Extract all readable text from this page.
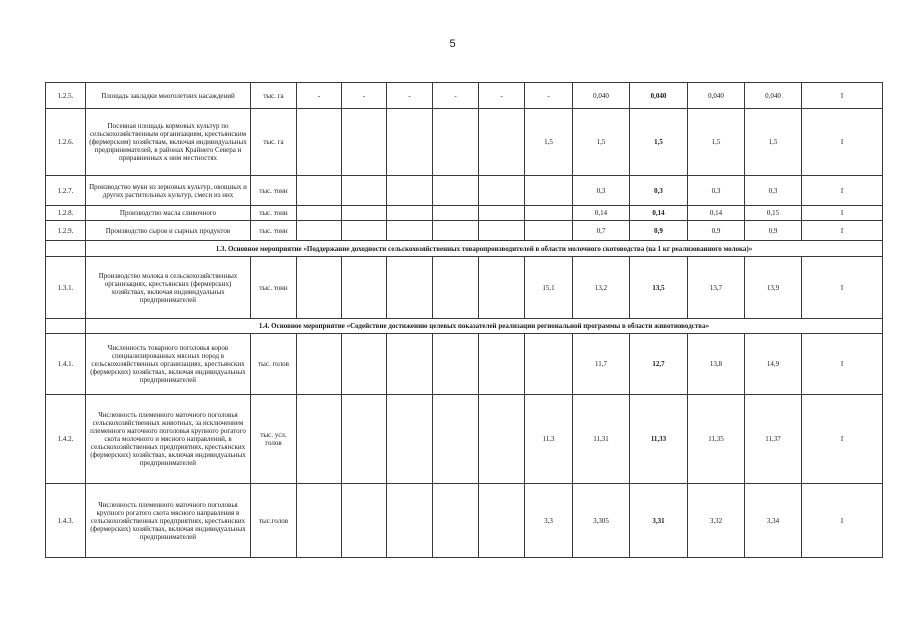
5
1.2.5.	Площадь закладки многолетних насаждений	тыс. га	-	-	-	-	-	-	0,040	0,040	0,040	0,040	I
1.2.6.	Посевная площадь кормовых культур по сельскохозяйственным организациям, крестьянским (фермерским) хозяйствам, включая индивидуальных предпринимателей, в районах Крайнего Севера и приравненных к ним местностях	тыс. га						1,5	1,5	1,5	1,5	1,5	I
1.2.7.	Производство муки из зерновых культур, овощных и других растительных культур, смеси из них	тыс. тонн							0,3	0,3	0,3	0,3	I
1.2.8.	Производство масла сливочного	тыс. тонн							0,14	0,14	0,14	0,15	I
1.2.9.	Производство сыров и сырных продуктов	тыс. тонн							0,7	0,9	0,9	0,9	I
	1.3. Основное мероприятие «Поддержание доходности сельскохозяйственных товаропроизводителей в области молочного скотоводства (на 1 кг реализованного молока)»												
1.3.1.	Производство молока в сельскохозяйственных организациях, крестьянских (фермерских) хозяйствах, включая индивидуальных предпринимателей	тыс. тонн						15,1	13,2	13,5	13,7	13,9	I
	1.4. Основное мероприятие «Содействие достижению целевых показателей реализации региональной программы в области животноводства»												
1.4.1.	Численность товарного поголовья коров специализированных мясных пород в сельскохозяйственных организациях, крестьянских (фермерских) хозяйствах, включая индивидуальных предпринимателей	тыс. голов							11,7	12,7	13,8	14,9	I
1.4.2.	Численность племенного маточного поголовья сельскохозяйственных животных, за исключением племенного маточного поголовья крупного рогатого скота молочного и мясного направлений, в сельскохозяйственных предприятиях, крестьянских (фермерских) хозяйствах, включая индивидуальных предпринимателей	тыс. усл. голов						11,3	11,31	11,33	11,35	11,37	I
1.4.3.	Численность племенного маточного поголовья крупного рогатого скота мясного направления в сельскохозяйственных предприятиях, крестьянских (фермерских) хозяйствах, включая индивидуальных предпринимателей	тыс.голов						3,3	3,305	3,31	3,32	3,34	I
